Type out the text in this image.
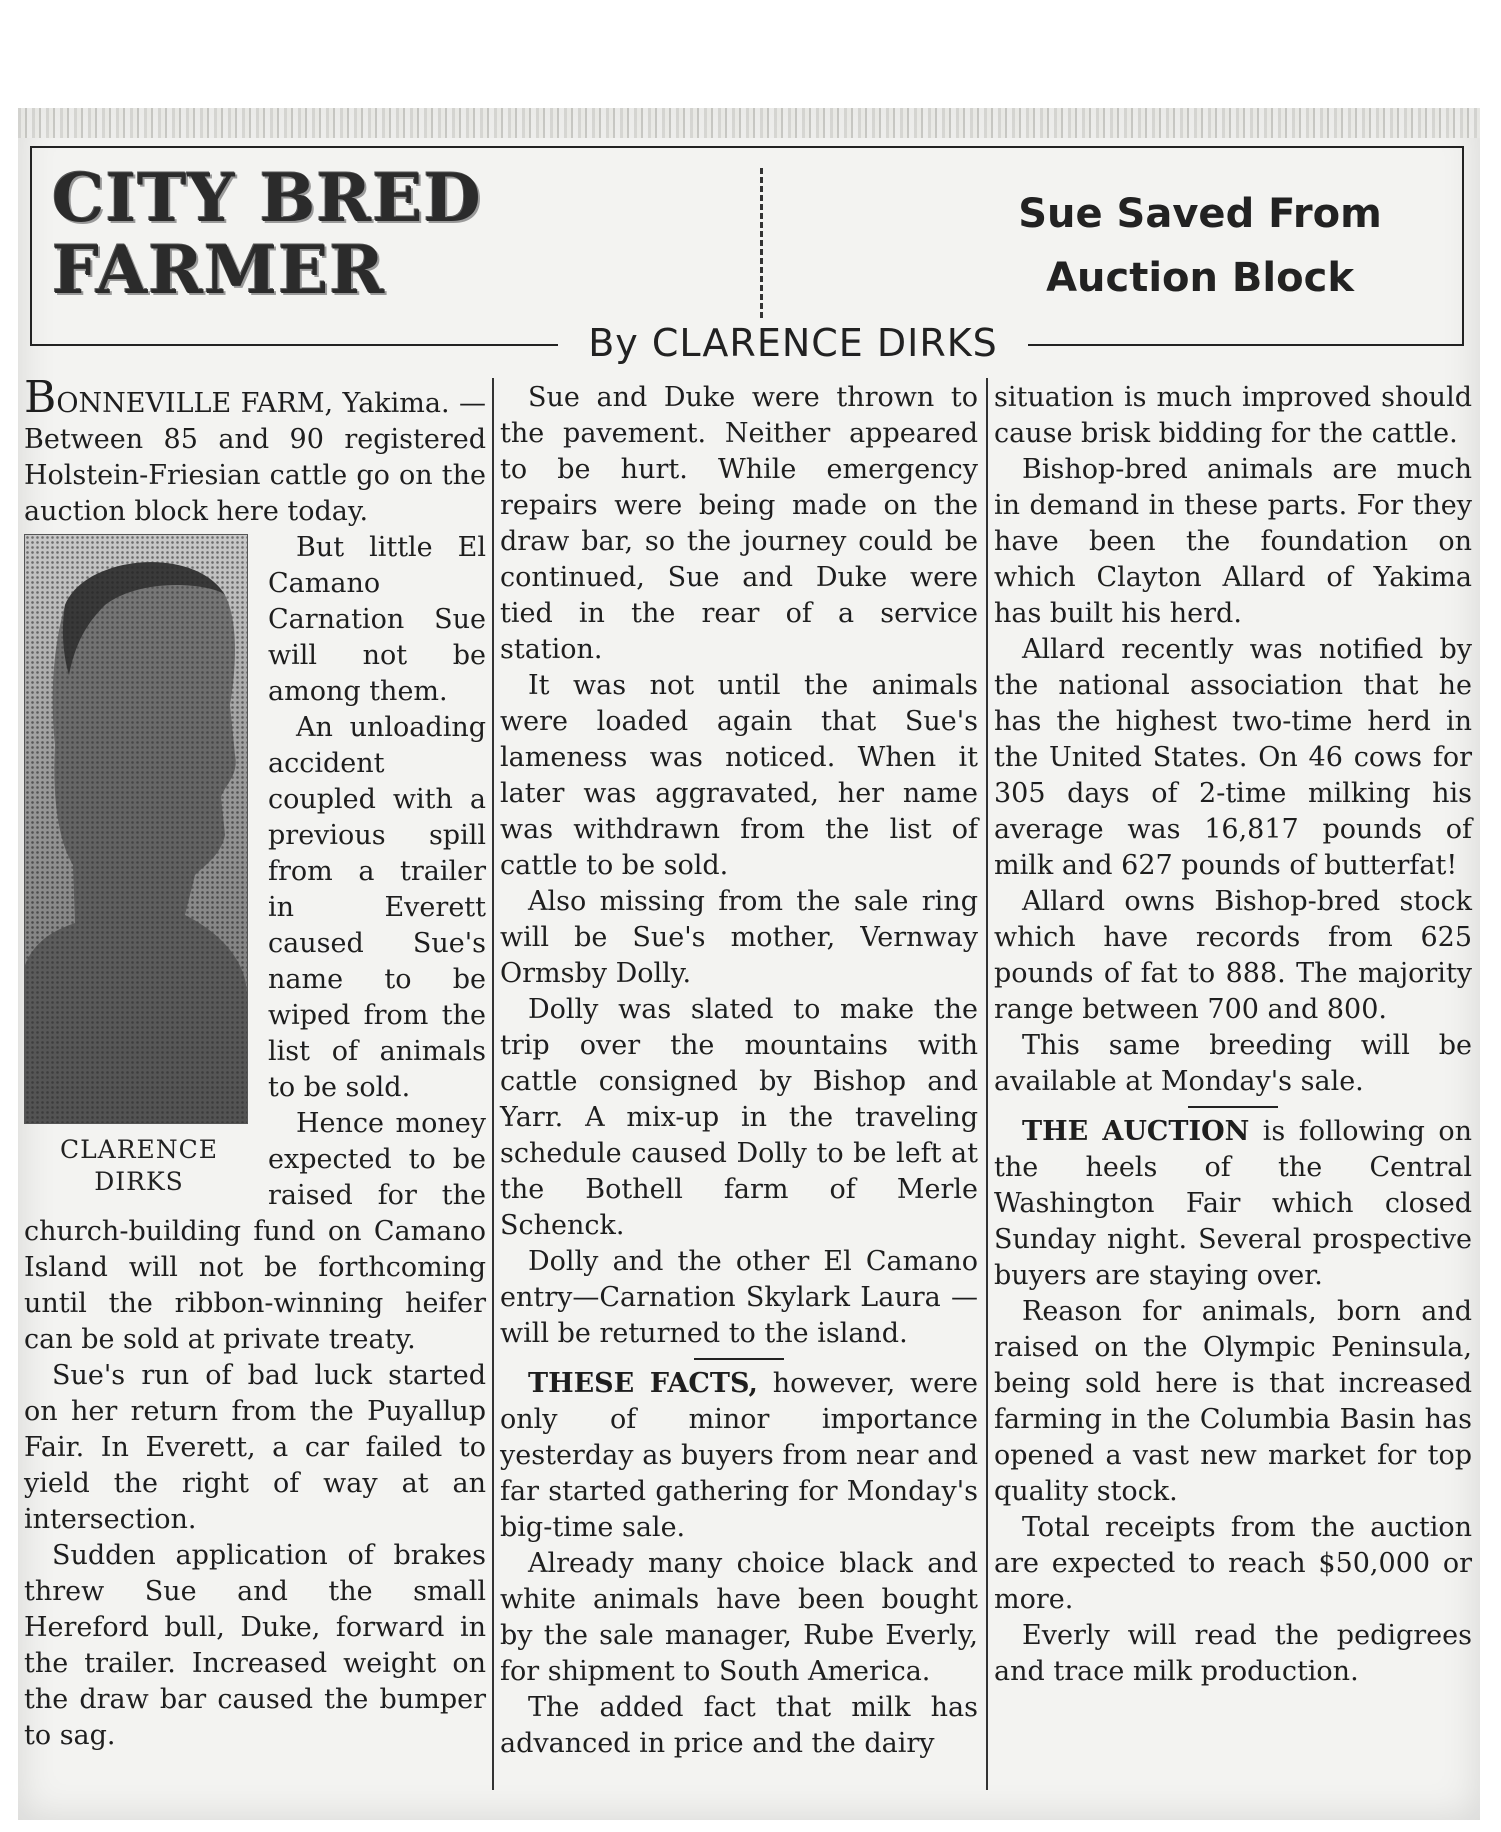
CITY BRED
FARMER
Sue Saved From Auction Block
By CLARENCE DIRKS

BONNEVILLE FARM, Yakima. —Between 85 and 90 registered Holstein-Friesian cattle go on the auction block here today.

CLARENCE
DIRKS

But little El Camano Carnation Sue will not be among them.

An unloading accident coupled with a previous spill from a trailer in Everett caused Sue's name to be wiped from the list of animals to be sold.

Hence money expected to be raised for the church-building fund on Camano Island will not be forthcoming until the ribbon-winning heifer can be sold at private treaty.

Sue's run of bad luck started on her return from the Puyallup Fair. In Everett, a car failed to yield the right of way at an intersection.

Sudden application of brakes threw Sue and the small Hereford bull, Duke, forward in the trailer. Increased weight on the draw bar caused the bumper to sag.

Sue and Duke were thrown to the pavement. Neither appeared to be hurt. While emergency repairs were being made on the draw bar, so the journey could be continued, Sue and Duke were tied in the rear of a service station.

It was not until the animals were loaded again that Sue's lameness was noticed. When it later was aggravated, her name was withdrawn from the list of cattle to be sold.

Also missing from the sale ring will be Sue's mother, Vernway Ormsby Dolly.

Dolly was slated to make the trip over the mountains with cattle consigned by Bishop and Yarr. A mix-up in the traveling schedule caused Dolly to be left at the Bothell farm of Merle Schenck.

Dolly and the other El Camano entry—Carnation Skylark Laura —will be returned to the island.

THESE FACTS, however, were only of minor importance yesterday as buyers from near and far started gathering for Monday's big-time sale.

Already many choice black and white animals have been bought by the sale manager, Rube Everly, for shipment to South America.

The added fact that milk has advanced in price and the dairy

situation is much improved should cause brisk bidding for the cattle.

Bishop-bred animals are much in demand in these parts. For they have been the foundation on which Clayton Allard of Yakima has built his herd.

Allard recently was notified by the national association that he has the highest two-time herd in the United States. On 46 cows for 305 days of 2-time milking his average was 16,817 pounds of milk and 627 pounds of butterfat!

Allard owns Bishop-bred stock which have records from 625 pounds of fat to 888. The majority range between 700 and 800.

This same breeding will be available at Monday's sale.

THE AUCTION is following on the heels of the Central Washington Fair which closed Sunday night. Several prospective buyers are staying over.

Reason for animals, born and raised on the Olympic Peninsula, being sold here is that increased farming in the Columbia Basin has opened a vast new market for top quality stock.

Total receipts from the auction are expected to reach $50,000 or more.

Everly will read the pedigrees and trace milk production.
